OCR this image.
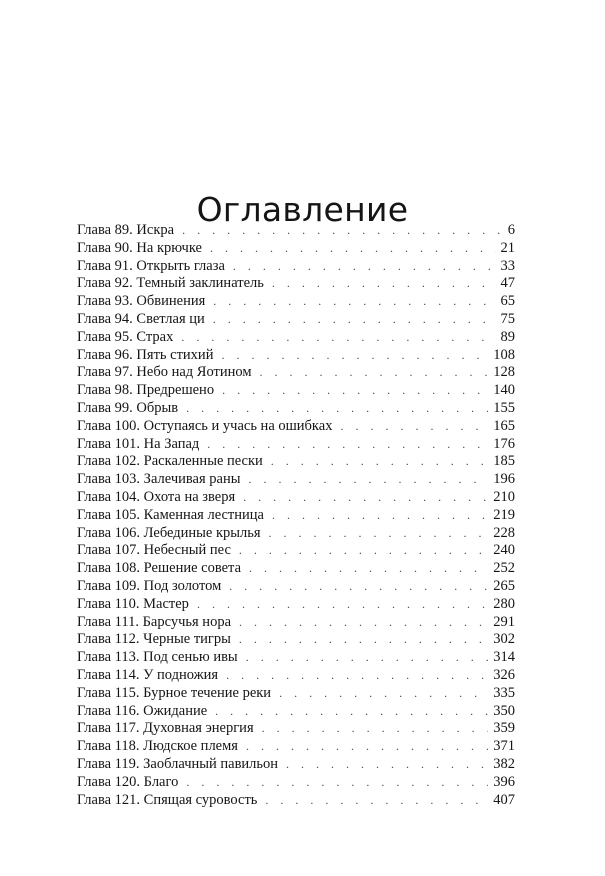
Оглавление
Глава 89. Искра . . .	6
Глава 90. На крючке . . .	21
Глава 91. Открыть глаза . . .	33
Глава 92. Темный заклинатель . . .	47
Глава 93. Обвинения . . .	65
Глава 94. Светлая ци . . .	75
Глава 95. Страх . . .	89
Глава 96. Пять стихий . . .	108
Глава 97. Небо над Яотином . . .	128
Глава 98. Предрешено . . .	140
Глава 99. Обрыв . . .	155
Глава 100. Оступаясь и учась на ошибках . . .	165
Глава 101. На Запад . . .	176
Глава 102. Раскаленные пески . . .	185
Глава 103. Залечивая раны . . .	196
Глава 104. Охота на зверя . . .	210
Глава 105. Каменная лестница . . .	219
Глава 106. Лебединые крылья . . .	228
Глава 107. Небесный пес . . .	240
Глава 108. Решение совета . . .	252
Глава 109. Под золотом . . .	265
Глава 110. Мастер . . .	280
Глава 111. Барсучья нора . . .	291
Глава 112. Черные тигры . . .	302
Глава 113. Под сенью ивы . . .	314
Глава 114. У подножия . . .	326
Глава 115. Бурное течение реки . . .	335
Глава 116. Ожидание . . .	350
Глава 117. Духовная энергия . . .	359
Глава 118. Людское племя . . .	371
Глава 119. Заоблачный павильон . . .	382
Глава 120. Благо . . .	396
Глава 121. Спящая суровость . . .	407
